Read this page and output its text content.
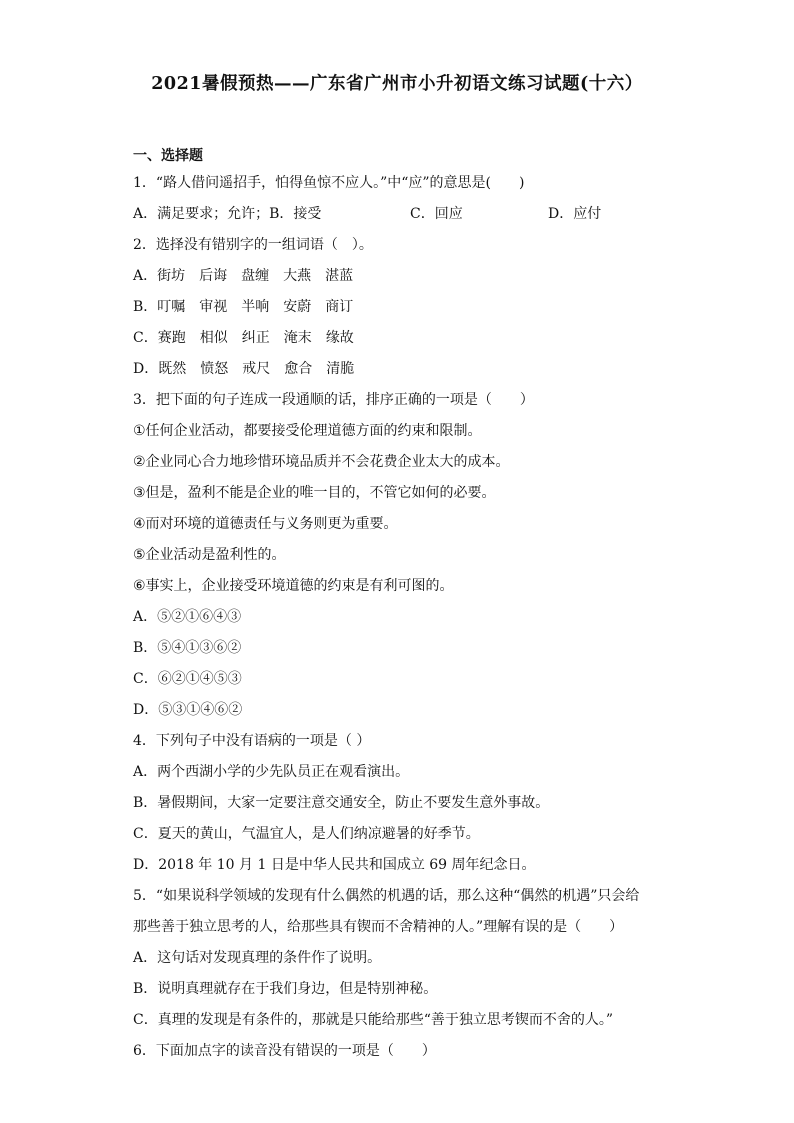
2021暑假预热——广东省广州市小升初语文练习试题(十六）
一、选择题
1．“路人借问遥招手，怕得鱼惊不应人。”中“应”的意思是(　　)
A．满足要求；允许；B．接受	C．回应	D．应付
2．选择没有错别字的一组词语（　）。
A．街坊　后诲　盘缠　大燕　湛蓝
B．叮嘱　审视　半响　安蔚　商订
C．赛跑　相似　纠正　淹末　缘故
D．既然　愤怒　戒尺　愈合　清脆
3．把下面的句子连成一段通顺的话，排序正确的一项是（　　）
①任何企业活动，都要接受伦理道德方面的约束和限制。
②企业同心合力地珍惜环境品质并不会花费企业太大的成本。
③但是，盈利不能是企业的唯一目的，不管它如何的必要。
④而对环境的道德责任与义务则更为重要。
⑤企业活动是盈利性的。
⑥事实上，企业接受环境道德的约束是有利可图的。
A．⑤②①⑥④③
B．⑤④①③⑥②
C．⑥②①④⑤③
D．⑤③①④⑥②
4．下列句子中没有语病的一项是（ ）
A．两个西湖小学的少先队员正在观看演出。
B．暑假期间，大家一定要注意交通安全，防止不要发生意外事故。
C．夏天的黄山，气温宜人，是人们纳凉避暑的好季节。
D．2018 年 10 月 1 日是中华人民共和国成立 69 周年纪念日。
5．“如果说科学领域的发现有什么偶然的机遇的话，那么这种“偶然的机遇”只会给
那些善于独立思考的人，给那些具有锲而不舍精神的人。”理解有误的是（　　）
A．这句话对发现真理的条件作了说明。
B．说明真理就存在于我们身边，但是特别神秘。
C．真理的发现是有条件的，那就是只能给那些“善于独立思考锲而不舍的人。”
6．下面加点字的读音没有错误的一项是（　　）
